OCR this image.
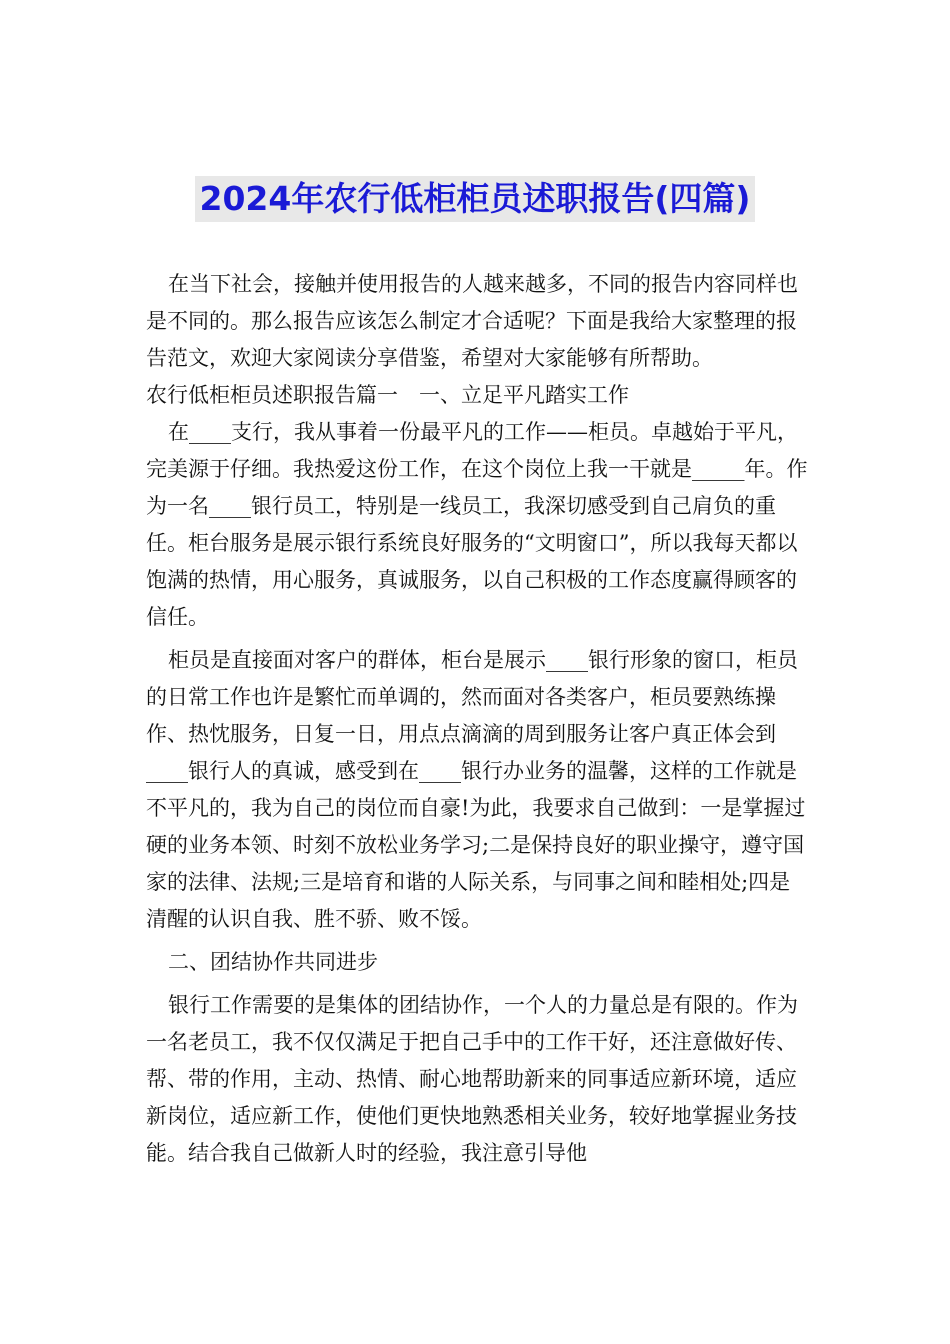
2024年农行低柜柜员述职报告(四篇)

在当下社会，接触并使用报告的人越来越多，不同的报告内容同样也是不同的。那么报告应该怎么制定才合适呢？下面是我给大家整理的报告范文，欢迎大家阅读分享借鉴，希望对大家能够有所帮助。

农行低柜柜员述职报告篇一　一、立足平凡踏实工作

在____支行，我从事着一份最平凡的工作——柜员。卓越始于平凡，完美源于仔细。我热爱这份工作，在这个岗位上我一干就是_____年。作为一名____银行员工，特别是一线员工，我深切感受到自己肩负的重任。柜台服务是展示银行系统良好服务的“文明窗口”，所以我每天都以饱满的热情，用心服务，真诚服务，以自己积极的工作态度赢得顾客的信任。

柜员是直接面对客户的群体，柜台是展示____银行形象的窗口，柜员的日常工作也许是繁忙而单调的，然而面对各类客户，柜员要熟练操作、热忱服务，日复一日，用点点滴滴的周到服务让客户真正体会到____银行人的真诚，感受到在____银行办业务的温馨，这样的工作就是不平凡的，我为自己的岗位而自豪!为此，我要求自己做到：一是掌握过硬的业务本领、时刻不放松业务学习;二是保持良好的职业操守，遵守国家的法律、法规;三是培育和谐的人际关系，与同事之间和睦相处;四是清醒的认识自我、胜不骄、败不馁。

二、团结协作共同进步

银行工作需要的是集体的团结协作，一个人的力量总是有限的。作为一名老员工，我不仅仅满足于把自己手中的工作干好，还注意做好传、帮、带的作用，主动、热情、耐心地帮助新来的同事适应新环境，适应新岗位，适应新工作，使他们更快地熟悉相关业务，较好地掌握业务技能。结合我自己做新人时的经验，我注意引导他
